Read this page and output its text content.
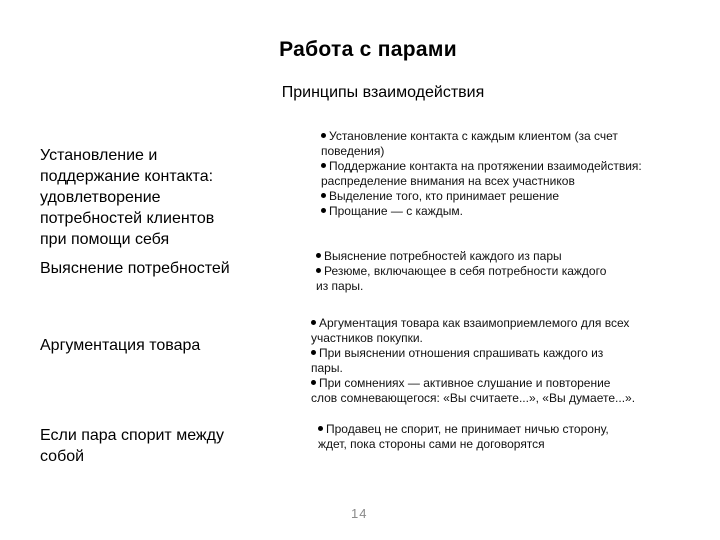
Работа с парами
Принципы взаимодействия
Установление и
поддержание контакта:
удовлетворение
потребностей клиентов
при помощи себя
Установление контакта с каждым клиентом (за счет
поведения)
Поддержание контакта на протяжении взаимодействия:
распределение внимания на всех участников
Выделение того, кто принимает решение
Прощание — с каждым.
Выяснение потребностей
Выяснение потребностей каждого из пары
Резюме, включающее в себя потребности каждого
из пары.
Аргументация товара
Аргументация товара как взаимоприемлемого для всех
участников покупки.
При выяснении отношения спрашивать каждого из
пары.
При сомнениях — активное слушание и повторение
слов сомневающегося: «Вы считаете...», «Вы думаете...».
Если пара спорит между
собой
Продавец не спорит, не принимает ничью сторону,
ждет, пока стороны сами не договорятся
14
